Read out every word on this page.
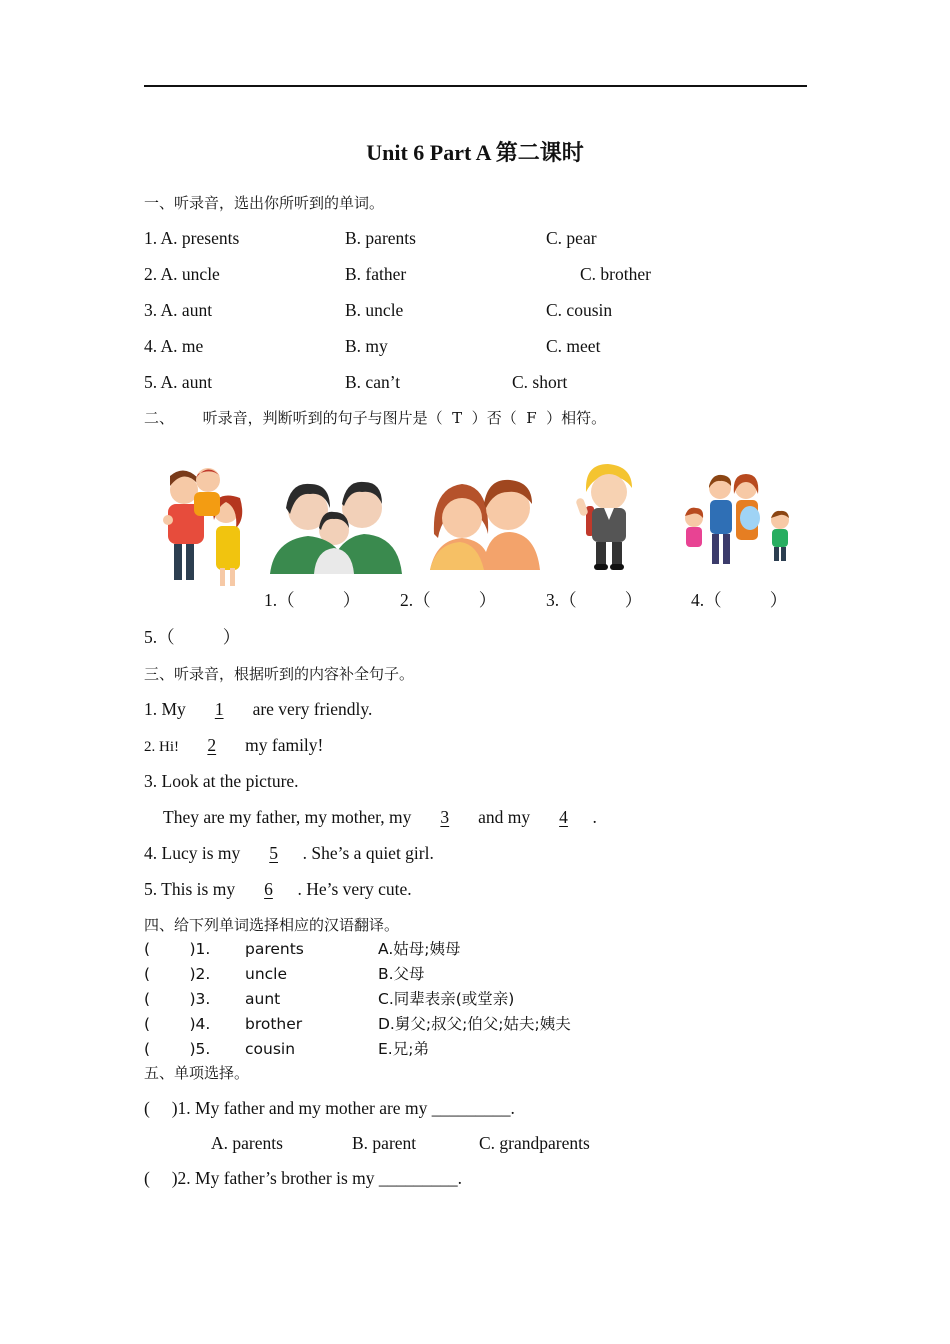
Unit 6 Part A 第二课时
一、听录音，选出你所听到的单词。
1. A. presents	B. parents	C. pear
2. A. uncle	B. father	C. brother
3. A. aunt	B. uncle	C. cousin
4. A. me	B. my	C. meet
5. A. aunt	B. can’t	C. short
二、      听录音，判断听到的句子与图片是（  T  ）否（  F  ）相符。
1.（           ） 2.（           ）	3.（           ）	4.（           ）
5.（           ）
三、听录音，根据听到的内容补全句子。
1. My 1 are very friendly.
2. Hi! 2 my family!
3. Look at the picture.
They are my father, my mother, my 3 and my 4 .
4. Lucy is my 5 . She’s a quiet girl.
5. This is my 6 . He’s very cute.
四、给下列单词选择相应的汉语翻译。
(        )1. parents	A.姑母;姨母
(        )2. uncle	B.父母
(        )3. aunt	C.同辈表亲(或堂亲)
(        )4. brother	D.舅父;叔父;伯父;姑夫;姨夫
(        )5. cousin	E.兄;弟
五、单项选择。
(     )1. My father and my mother are my _________.
A. parents	B. parent	C. grandparents
(     )2. My father’s brother is my _________.
